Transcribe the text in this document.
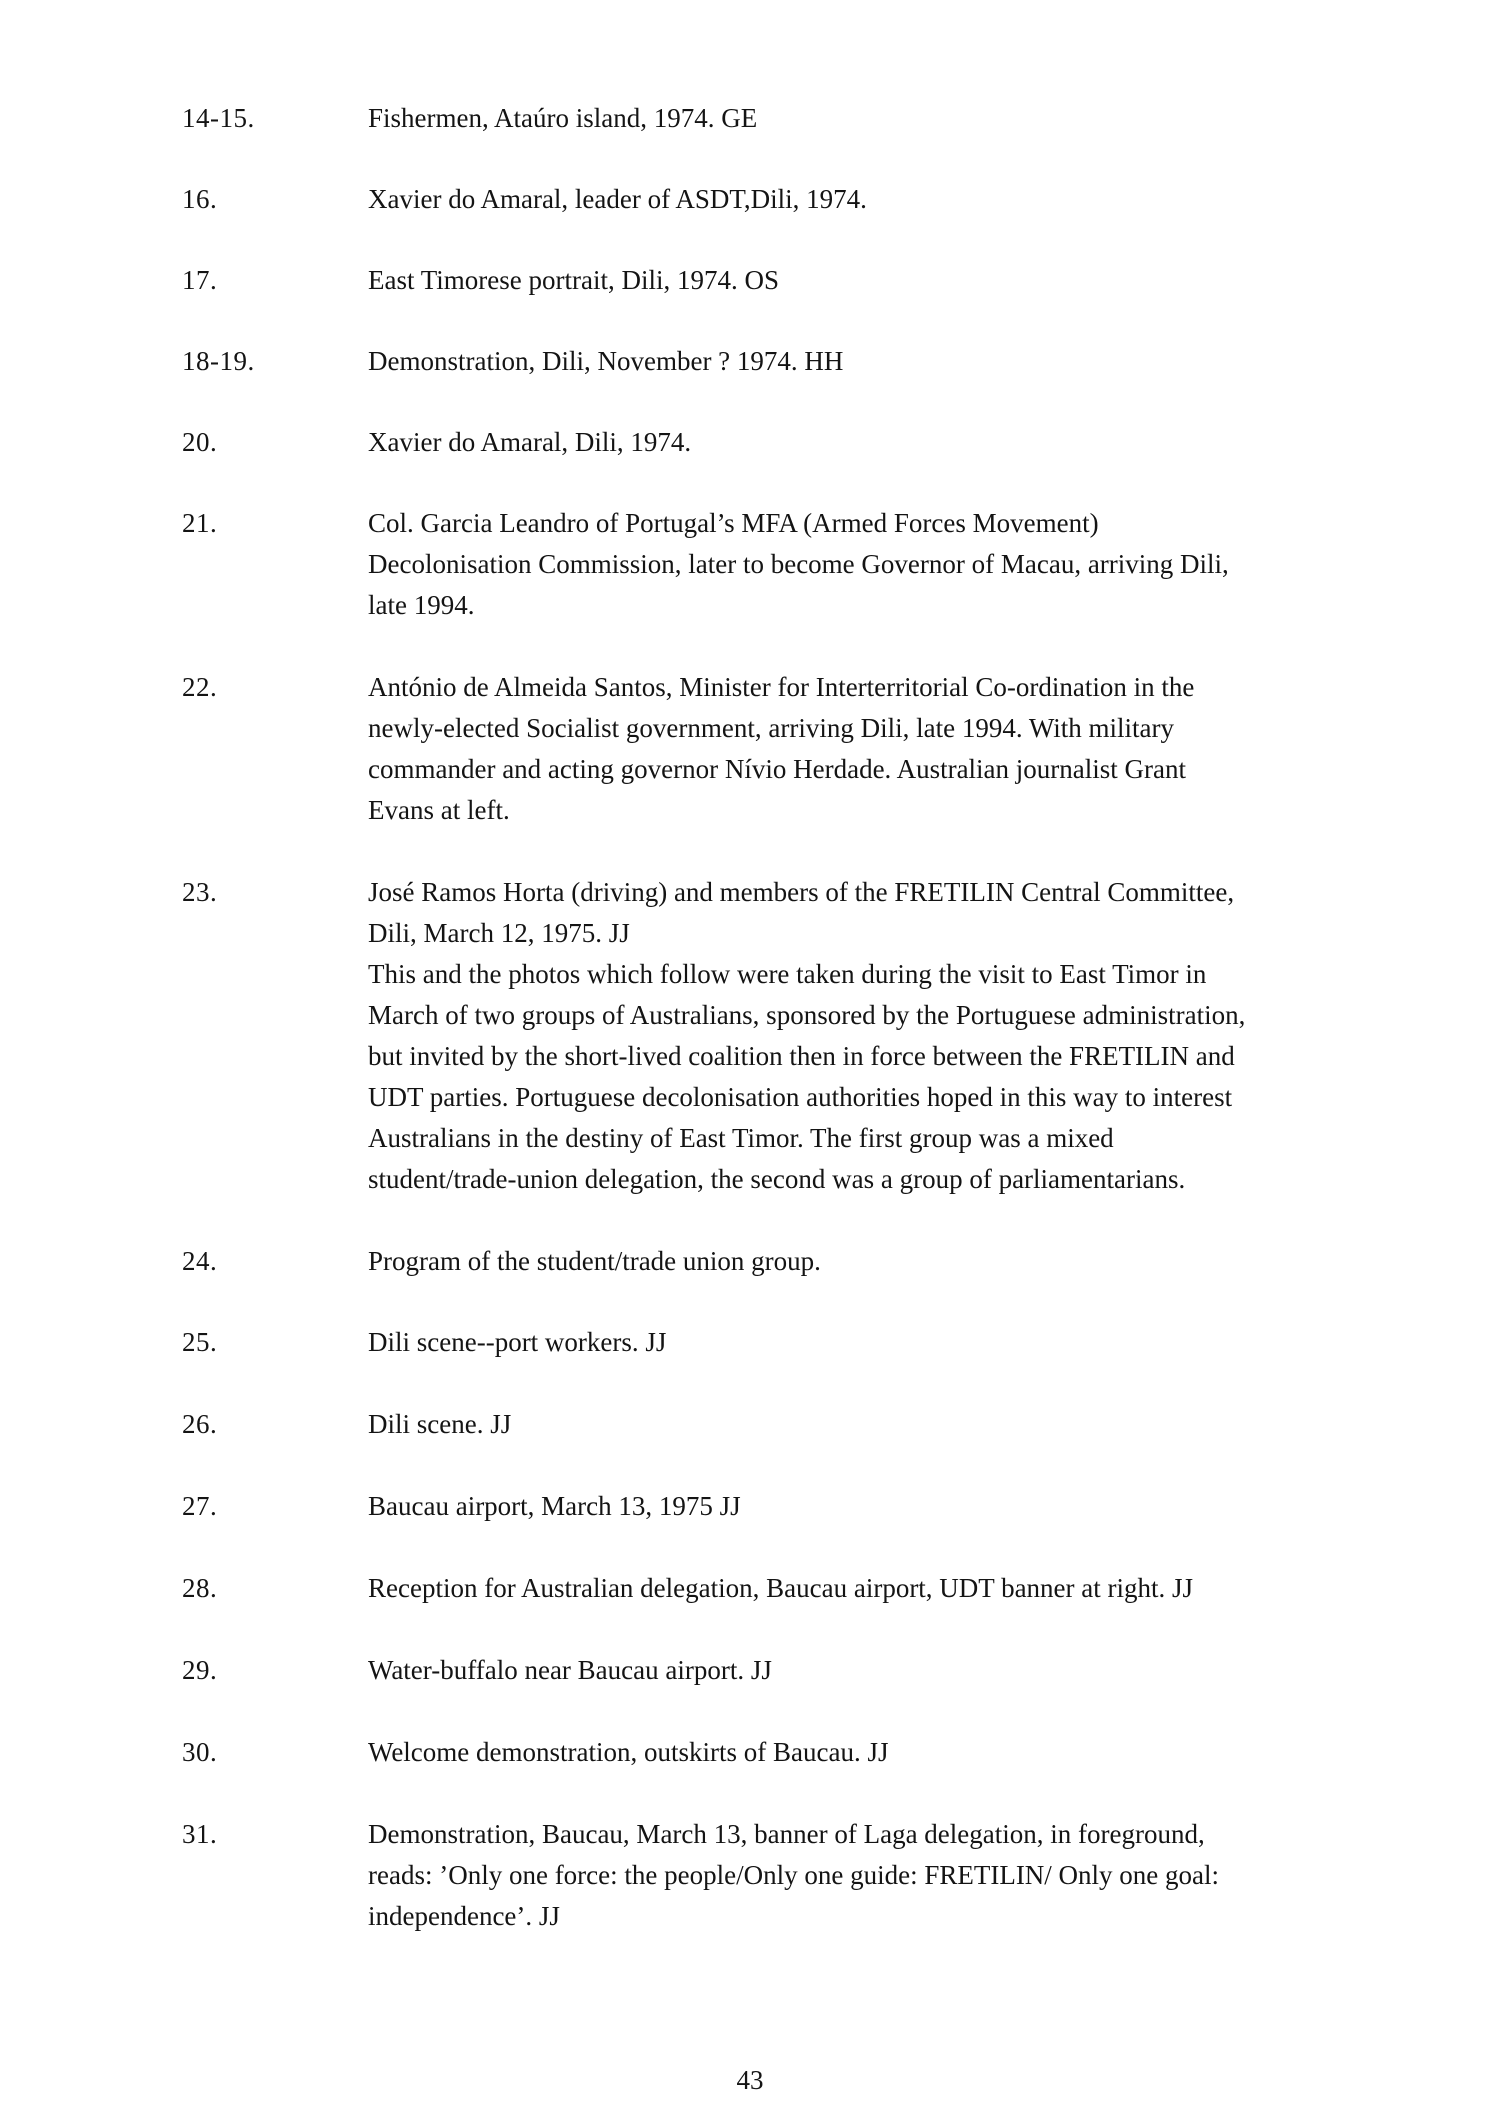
14-15.	Fishermen, Ataúro island, 1974. GE
16.	Xavier do Amaral, leader of ASDT,Dili, 1974.
17.	East Timorese portrait, Dili, 1974. OS
18-19.	Demonstration, Dili, November ? 1974. HH
20.	Xavier do Amaral, Dili, 1974.
21.	Col. Garcia Leandro of Portugal’s MFA (Armed Forces Movement)
Decolonisation Commission, later to become Governor of Macau, arriving Dili,
late 1994.
22.	António de Almeida Santos, Minister for Interterritorial Co-ordination in the
newly-elected Socialist government, arriving Dili, late 1994. With military
commander and acting governor Nívio Herdade. Australian journalist Grant
Evans at left.
23.	José Ramos Horta (driving) and members of the FRETILIN Central Committee,
Dili, March 12, 1975. JJ
This and the photos which follow were taken during the visit to East Timor in
March of two groups of Australians, sponsored by the Portuguese administration,
but invited by the short-lived coalition then in force between the FRETILIN and
UDT parties. Portuguese decolonisation authorities hoped in this way to interest
Australians in the destiny of East Timor. The first group was a mixed
student/trade-union delegation, the second was a group of parliamentarians.
24.	Program of the student/trade union group.
25.	Dili scene--port workers. JJ
26.	Dili scene. JJ
27.	Baucau airport, March 13, 1975 JJ
28.	Reception for Australian delegation, Baucau airport, UDT banner at right. JJ
29.	Water-buffalo near Baucau airport. JJ
30.	Welcome demonstration, outskirts of Baucau. JJ
31.	Demonstration, Baucau, March 13, banner of Laga delegation, in foreground,
reads: ’Only one force: the people/Only one guide: FRETILIN/ Only one goal:
independence’. JJ
43
